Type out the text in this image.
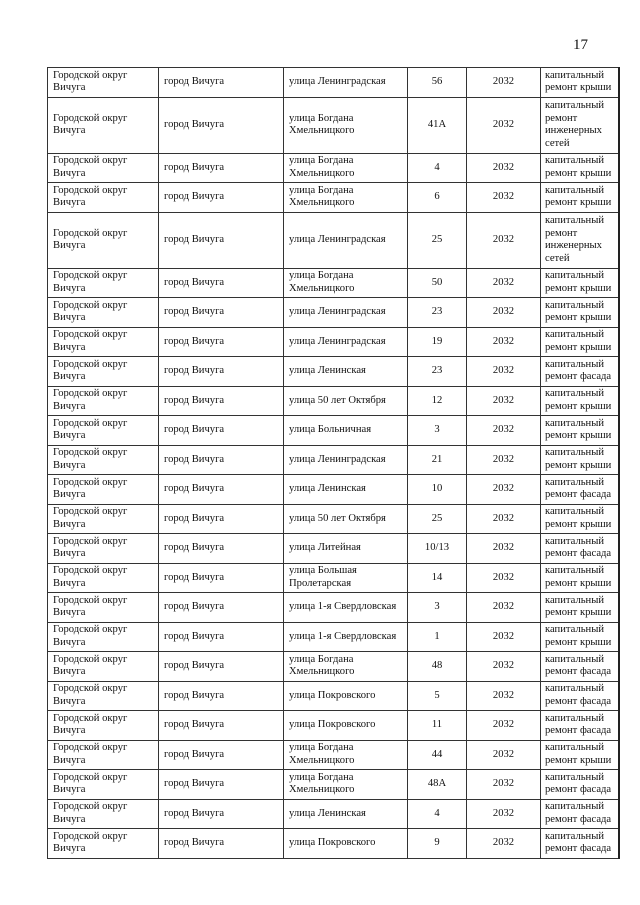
17
Городской округ Вичуга	город Вичуга	улица Ленинградская	56	2032	капитальный ремонт крыши
Городской округ Вичуга	город Вичуга	улица Богдана Хмельницкого	41А	2032	капитальный ремонт инженерных сетей
Городской округ Вичуга	город Вичуга	улица Богдана Хмельницкого	4	2032	капитальный ремонт крыши
Городской округ Вичуга	город Вичуга	улица Богдана Хмельницкого	6	2032	капитальный ремонт крыши
Городской округ Вичуга	город Вичуга	улица Ленинградская	25	2032	капитальный ремонт инженерных сетей
Городской округ Вичуга	город Вичуга	улица Богдана Хмельницкого	50	2032	капитальный ремонт крыши
Городской округ Вичуга	город Вичуга	улица Ленинградская	23	2032	капитальный ремонт крыши
Городской округ Вичуга	город Вичуга	улица Ленинградская	19	2032	капитальный ремонт крыши
Городской округ Вичуга	город Вичуга	улица Ленинская	23	2032	капитальный ремонт фасада
Городской округ Вичуга	город Вичуга	улица 50 лет Октября	12	2032	капитальный ремонт крыши
Городской округ Вичуга	город Вичуга	улица Больничная	3	2032	капитальный ремонт крыши
Городской округ Вичуга	город Вичуга	улица Ленинградская	21	2032	капитальный ремонт крыши
Городской округ Вичуга	город Вичуга	улица Ленинская	10	2032	капитальный ремонт фасада
Городской округ Вичуга	город Вичуга	улица 50 лет Октября	25	2032	капитальный ремонт крыши
Городской округ Вичуга	город Вичуга	улица Литейная	10/13	2032	капитальный ремонт фасада
Городской округ Вичуга	город Вичуга	улица Большая Пролетарская	14	2032	капитальный ремонт крыши
Городской округ Вичуга	город Вичуга	улица 1-я Свердловская	3	2032	капитальный ремонт крыши
Городской округ Вичуга	город Вичуга	улица 1-я Свердловская	1	2032	капитальный ремонт крыши
Городской округ Вичуга	город Вичуга	улица Богдана Хмельницкого	48	2032	капитальный ремонт фасада
Городской округ Вичуга	город Вичуга	улица Покровского	5	2032	капитальный ремонт фасада
Городской округ Вичуга	город Вичуга	улица Покровского	11	2032	капитальный ремонт фасада
Городской округ Вичуга	город Вичуга	улица Богдана Хмельницкого	44	2032	капитальный ремонт крыши
Городской округ Вичуга	город Вичуга	улица Богдана Хмельницкого	48А	2032	капитальный ремонт фасада
Городской округ Вичуга	город Вичуга	улица Ленинская	4	2032	капитальный ремонт фасада
Городской округ Вичуга	город Вичуга	улица Покровского	9	2032	капитальный ремонт фасада
